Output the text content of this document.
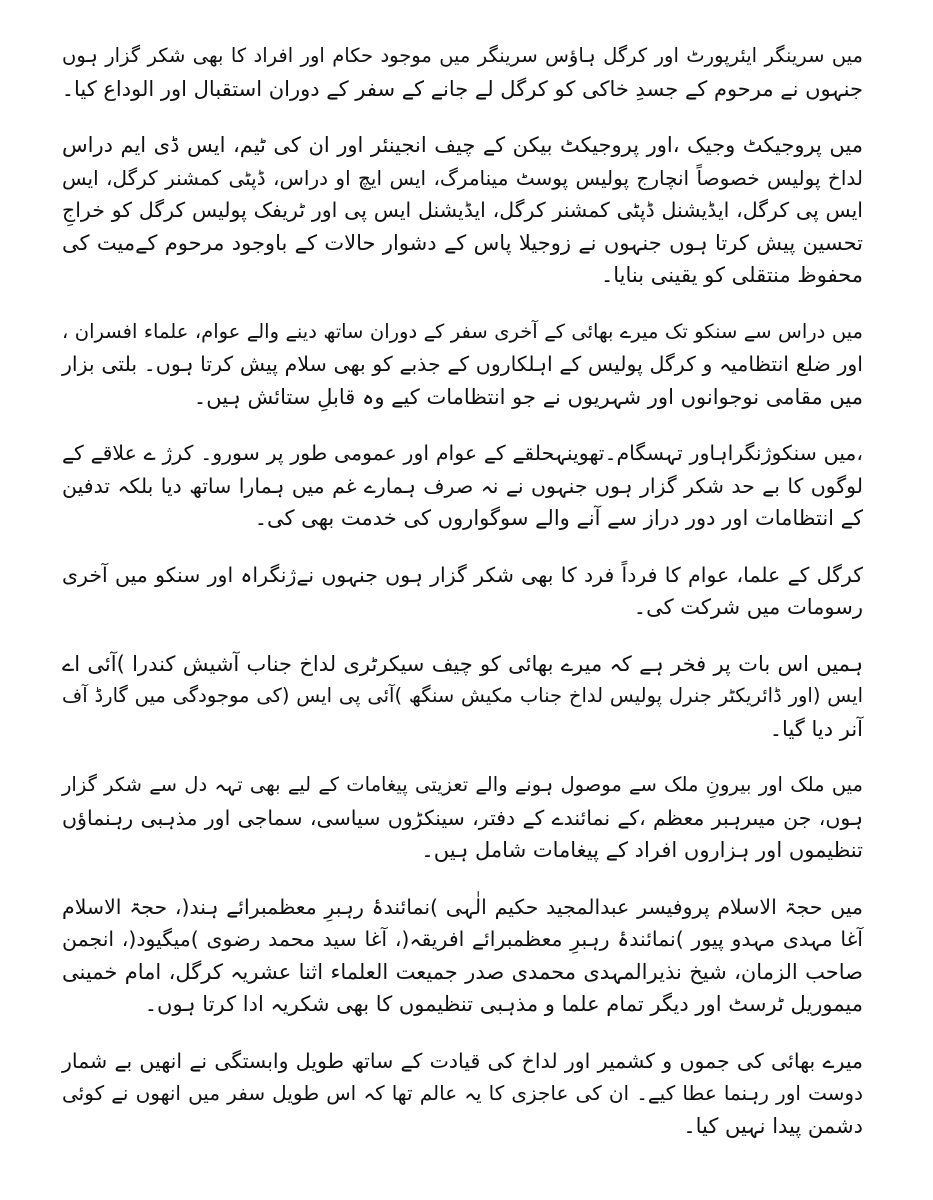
میں سرینگر ایئرپورٹ اور کرگل ہاؤس سرینگر میں موجود حکام اور افراد کا بھی شکر گزار ہوں
جنہوں نے مرحوم کے جسدِ خاکی کو کرگل لے جانے کے سفر کے دوران استقبال اور الوداع کیا۔
میں پروجیکٹ وجیک ،اور پروجیکٹ بیکن کے چیف انجینئر اور ان کی ٹیم، ایس ڈی ایم دراس
لداخ پولیس خصوصاً انچارج پولیس پوسٹ مینامرگ، ایس ایچ او دراس، ڈپٹی کمشنر کرگل، ایس
ایس پی کرگل، ایڈیشنل ڈپٹی کمشنر کرگل، ایڈیشنل ایس پی اور ٹریفک پولیس کرگل کو خراجِ
تحسین پیش کرتا ہوں جنہوں نے زوجیلا پاس کے دشوار حالات کے باوجود مرحوم کےمیت کی
محفوظ منتقلی کو یقینی بنایا۔
میں دراس سے سنکو تک میرے بھائی کے آخری سفر کے دوران ساتھ دینے والے عوام، علماء افسران ،
اور ضلع انتظامیہ و کرگل پولیس کے اہلکاروں کے جذبے کو بھی سلام پیش کرتا ہوں۔ بلتی بزار
میں مقامی نوجوانوں اور شہریوں نے جو انتظامات کیے وہ قابلِ ستائش ہیں۔
،میں سنکوژنگراہاور تہسگام۔تھوینہحلقے کے عوام اور عمومی طور پر سورو۔ کرژ ے علاقے کے
لوگوں کا بے حد شکر گزار ہوں جنہوں نے نہ صرف ہمارے غم میں ہمارا ساتھ دیا بلکہ تدفین
کے انتظامات اور دور دراز سے آنے والے سوگواروں کی خدمت بھی کی۔
کرگل کے علما، عوام کا فرداً فرد کا بھی شکر گزار ہوں جنہوں نےژنگراہ اور سنکو میں آخری
رسومات میں شرکت کی۔
ہمیں اس بات پر فخر ہے کہ میرے بھائی کو چیف سیکرٹری لداخ جناب آشیش کندرا )آئی اے
ایس (اور ڈائریکٹر جنرل پولیس لداخ جناب مکیش سنگھ )آئی پی ایس (کی موجودگی میں گارڈ آف
آنر دیا گیا۔
میں ملک اور بیرونِ ملک سے موصول ہونے والے تعزیتی پیغامات کے لیے بھی تہہ دل سے شکر گزار
ہوں، جن میںرہبر معظم ،کے نمائندے کے دفتر، سینکڑوں سیاسی، سماجی اور مذہبی رہنماؤں
تنظیموں اور ہزاروں افراد کے پیغامات شامل ہیں۔
میں حجۃ الاسلام پروفیسر عبدالمجید حکیم الٰہی )نمائندۂ رہبرِ معظمبرائے ہند(، حجۃ الاسلام
آغا مہدی مہدو پیور )نمائندۂ رہبرِ معظمبرائے افریقہ(، آغا سید محمد رضوی )میگیود(، انجمن
صاحب الزمان، شیخ نذیرالمہدی محمدی صدر جمیعت العلماء اثنا عشریہ کرگل، امام خمینی
میموریل ٹرسٹ اور دیگر تمام علما و مذہبی تنظیموں کا بھی شکریہ ادا کرتا ہوں۔
میرے بھائی کی جموں و کشمیر اور لداخ کی قیادت کے ساتھ طویل وابستگی نے انھیں بے شمار
دوست اور رہنما عطا کیے۔ ان کی عاجزی کا یہ عالم تھا کہ اس طویل سفر میں انھوں نے کوئی
دشمن پیدا نہیں کیا۔
